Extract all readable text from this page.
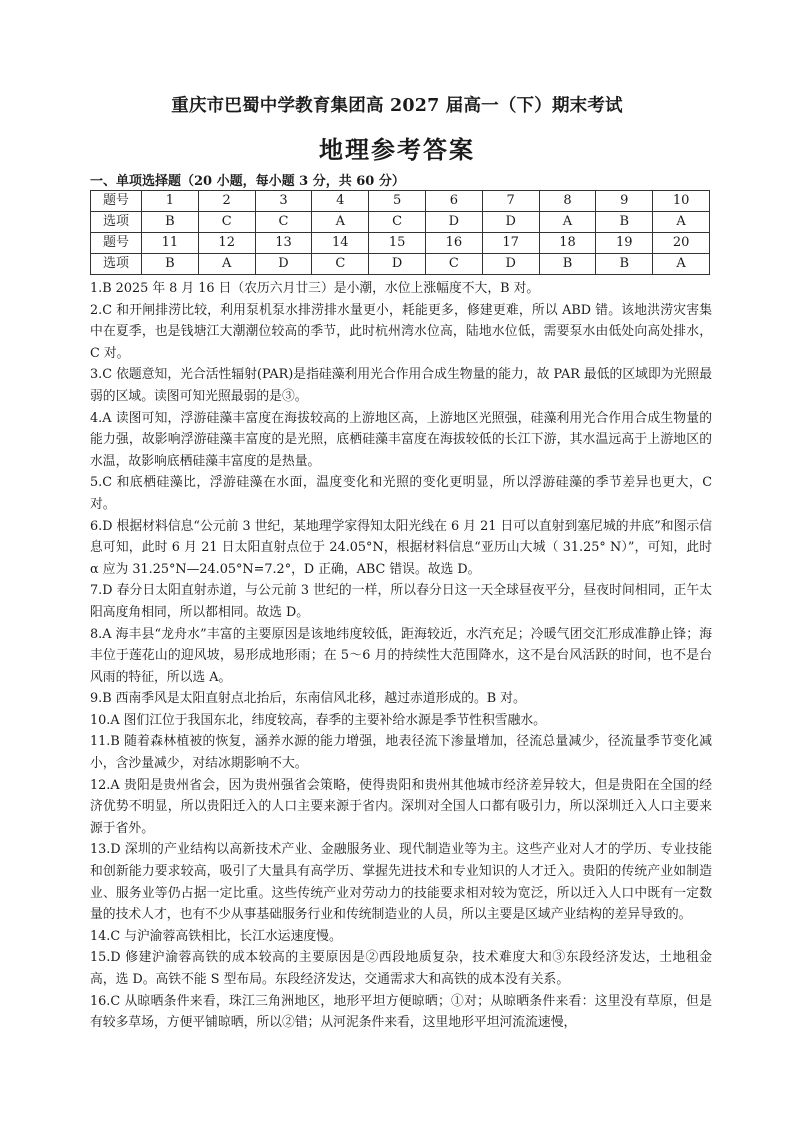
重庆市巴蜀中学教育集团高 2027 届高一（下）期末考试
地理参考答案
一、单项选择题（20 小题，每小题 3 分，共 60 分）
题号	1	2	3	4	5	6	7	8	9	10
选项	B	C	C	A	C	D	D	A	B	A
题号	11	12	13	14	15	16	17	18	19	20
选项	B	A	D	C	D	C	D	B	B	A

1.B 2025 年 8 月 16 日（农历六月廿三）是小潮，水位上涨幅度不大，B 对。

2.C 和开闸排涝比较，利用泵机泵水排涝排水量更小，耗能更多，修建更难，所以 ABD 错。该地洪涝灾害集中在夏季，也是钱塘江大潮潮位较高的季节，此时杭州湾水位高，陆地水位低，需要泵水由低处向高处排水，C 对。

3.C 依题意知，光合活性辐射(PAR)是指硅藻利用光合作用合成生物量的能力，故 PAR 最低的区域即为光照最弱的区域。读图可知光照最弱的是③。

4.A 读图可知，浮游硅藻丰富度在海拔较高的上游地区高，上游地区光照强，硅藻利用光合作用合成生物量的能力强，故影响浮游硅藻丰富度的是光照，底栖硅藻丰富度在海拔较低的长江下游，其水温远高于上游地区的水温，故影响底栖硅藻丰富度的是热量。

5.C 和底栖硅藻比，浮游硅藻在水面，温度变化和光照的变化更明显，所以浮游硅藻的季节差异也更大，C 对。

6.D 根据材料信息“公元前 3 世纪，某地理学家得知太阳光线在 6 月 21 日可以直射到塞尼城的井底”和图示信息可知，此时 6 月 21 日太阳直射点位于 24.05°N，根据材料信息“亚历山大城（ 31.25° N）”，可知，此时 α 应为 31.25°N—24.05°N=7.2°，D 正确，ABC 错误。故选 D。

7.D 春分日太阳直射赤道，与公元前 3 世纪的一样，所以春分日这一天全球昼夜平分，昼夜时间相同，正午太阳高度角相同，所以都相同。故选 D。

8.A 海丰县“龙舟水”丰富的主要原因是该地纬度较低，距海较近，水汽充足；冷暖气团交汇形成准静止锋；海丰位于莲花山的迎风坡，易形成地形雨；在 5～6 月的持续性大范围降水，这不是台风活跃的时间，也不是台风雨的特征，所以选 A。

9.B 西南季风是太阳直射点北抬后，东南信风北移，越过赤道形成的。B 对。

10.A 图们江位于我国东北，纬度较高，春季的主要补给水源是季节性积雪融水。

11.B 随着森林植被的恢复，涵养水源的能力增强，地表径流下渗量增加，径流总量减少，径流量季节变化减小，含沙量减少，对结冰期影响不大。

12.A 贵阳是贵州省会，因为贵州强省会策略，使得贵阳和贵州其他城市经济差异较大，但是贵阳在全国的经济优势不明显，所以贵阳迁入的人口主要来源于省内。深圳对全国人口都有吸引力，所以深圳迁入人口主要来源于省外。

13.D 深圳的产业结构以高新技术产业、金融服务业、现代制造业等为主。这些产业对人才的学历、专业技能和创新能力要求较高，吸引了大量具有高学历、掌握先进技术和专业知识的人才迁入。贵阳的传统产业如制造业、服务业等仍占据一定比重。这些传统产业对劳动力的技能要求相对较为宽泛，所以迁入人口中既有一定数量的技术人才，也有不少从事基础服务行业和传统制造业的人员，所以主要是区域产业结构的差异导致的。

14.C 与沪渝蓉高铁相比，长江水运速度慢。

15.D 修建沪渝蓉高铁的成本较高的主要原因是②西段地质复杂，技术难度大和③东段经济发达，土地租金高，选 D。高铁不能 S 型布局。东段经济发达，交通需求大和高铁的成本没有关系。

16.C 从晾晒条件来看，珠江三角洲地区，地形平坦方便晾晒；①对；从晾晒条件来看：这里没有草原，但是有较多草场，方便平铺晾晒，所以②错；从河泥条件来看，这里地形平坦河流流速慢，
